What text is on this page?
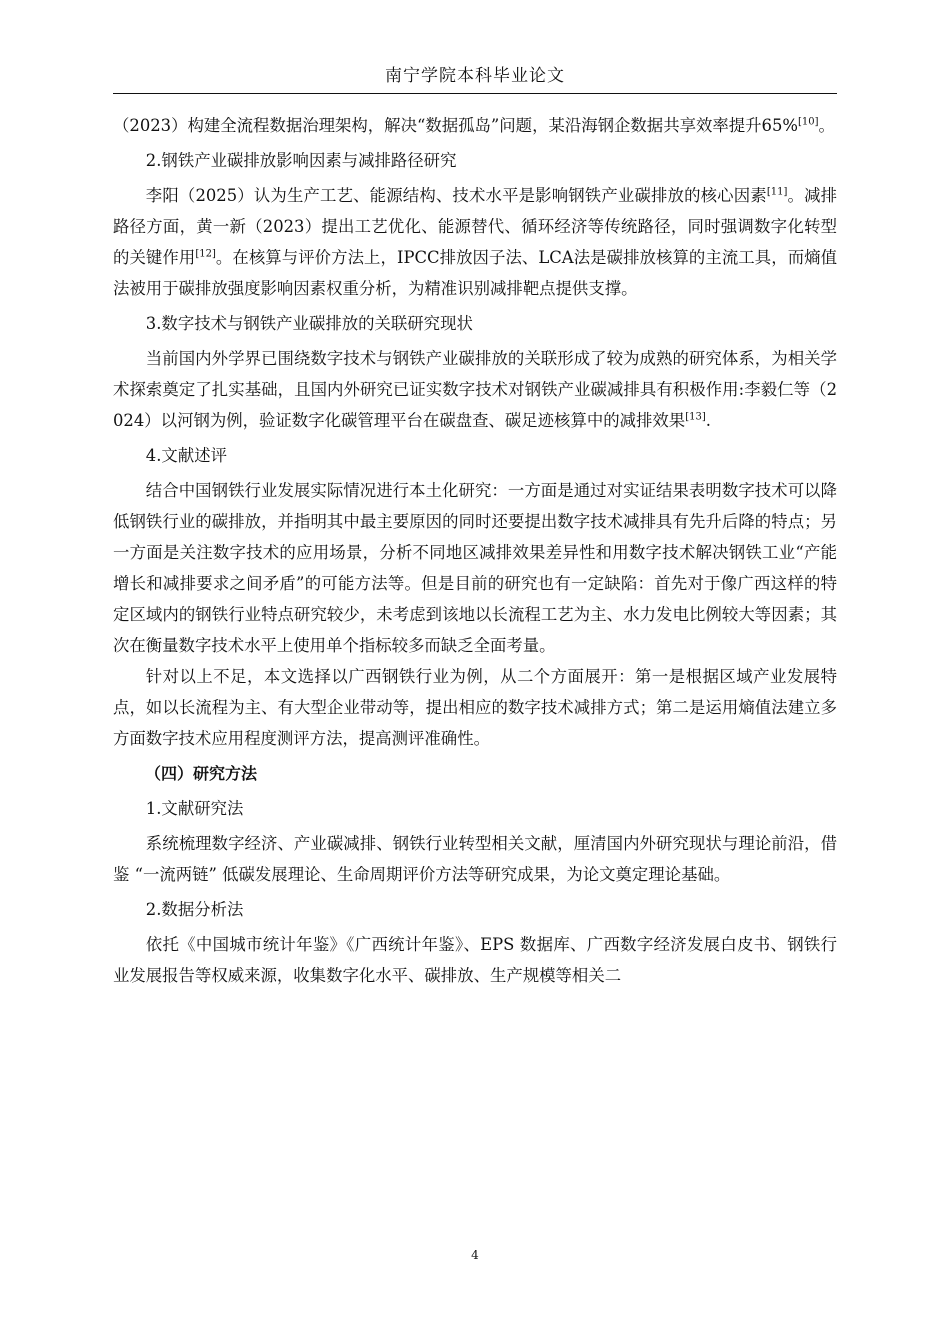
南宁学院本科毕业论文

（2023）构建全流程数据治理架构，解决“数据孤岛”问题，某沿海钢企数据共享效率提升65%[10]。

2.钢铁产业碳排放影响因素与减排路径研究

李阳（2025）认为生产工艺、能源结构、技术水平是影响钢铁产业碳排放的核心因素[11]。减排路径方面，黄一新（2023）提出工艺优化、能源替代、循环经济等传统路径，同时强调数字化转型的关键作用[12]。在核算与评价方法上，IPCC排放因子法、LCA法是碳排放核算的主流工具，而熵值法被用于碳排放强度影响因素权重分析，为精准识别减排靶点提供支撑。

3.数字技术与钢铁产业碳排放的关联研究现状

当前国内外学界已围绕数字技术与钢铁产业碳排放的关联形成了较为成熟的研究体系，为相关学术探索奠定了扎实基础，且国内外研究已证实数字技术对钢铁产业碳减排具有积极作用:李毅仁等（2024）以河钢为例，验证数字化碳管理平台在碳盘查、碳足迹核算中的减排效果[13].

4.文献述评

结合中国钢铁行业发展实际情况进行本土化研究：一方面是通过对实证结果表明数字技术可以降低钢铁行业的碳排放，并指明其中最主要原因的同时还要提出数字技术减排具有先升后降的特点；另一方面是关注数字技术的应用场景，分析不同地区减排效果差异性和用数字技术解决钢铁工业“产能增长和减排要求之间矛盾”的可能方法等。但是目前的研究也有一定缺陷：首先对于像广西这样的特定区域内的钢铁行业特点研究较少，未考虑到该地以长流程工艺为主、水力发电比例较大等因素；其次在衡量数字技术水平上使用单个指标较多而缺乏全面考量。

针对以上不足，本文选择以广西钢铁行业为例，从二个方面展开：第一是根据区域产业发展特点，如以长流程为主、有大型企业带动等，提出相应的数字技术减排方式；第二是运用熵值法建立多方面数字技术应用程度测评方法，提高测评准确性。

（四）研究方法

1.文献研究法

系统梳理数字经济、产业碳减排、钢铁行业转型相关文献，厘清国内外研究现状与理论前沿，借鉴 “一流两链” 低碳发展理论、生命周期评价方法等研究成果，为论文奠定理论基础。

2.数据分析法

依托《中国城市统计年鉴》《广西统计年鉴》、EPS 数据库、广西数字经济发展白皮书、钢铁行业发展报告等权威来源，收集数字化水平、碳排放、生产规模等相关二

4
